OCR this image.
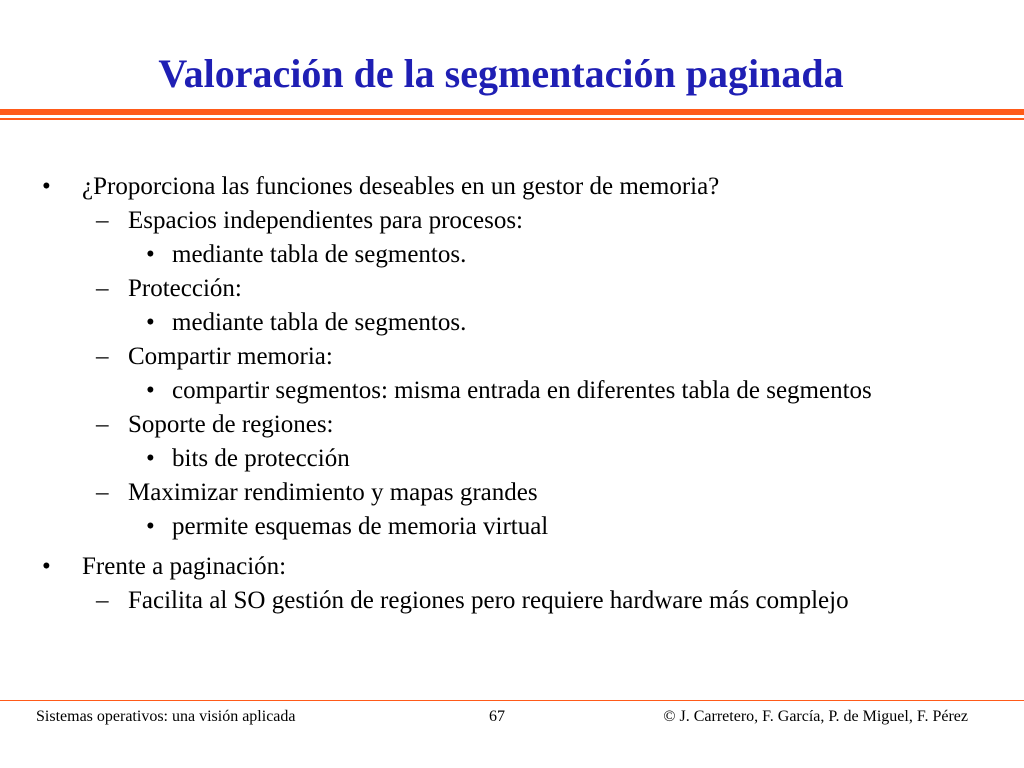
Valoración de la segmentación paginada
• ¿Proporciona las funciones deseables en un gestor de memoria?
– Espacios independientes para procesos:
• mediante tabla de segmentos.
– Protección:
• mediante tabla de segmentos.
– Compartir memoria:
• compartir segmentos: misma entrada en diferentes tabla de segmentos
– Soporte de regiones:
• bits de protección
– Maximizar rendimiento y mapas grandes
• permite esquemas de memoria virtual
• Frente a paginación:
– Facilita al SO gestión de regiones pero requiere hardware más complejo
Sistemas operativos: una visión aplicada	67	© J. Carretero, F. García, P. de Miguel, F. Pérez
